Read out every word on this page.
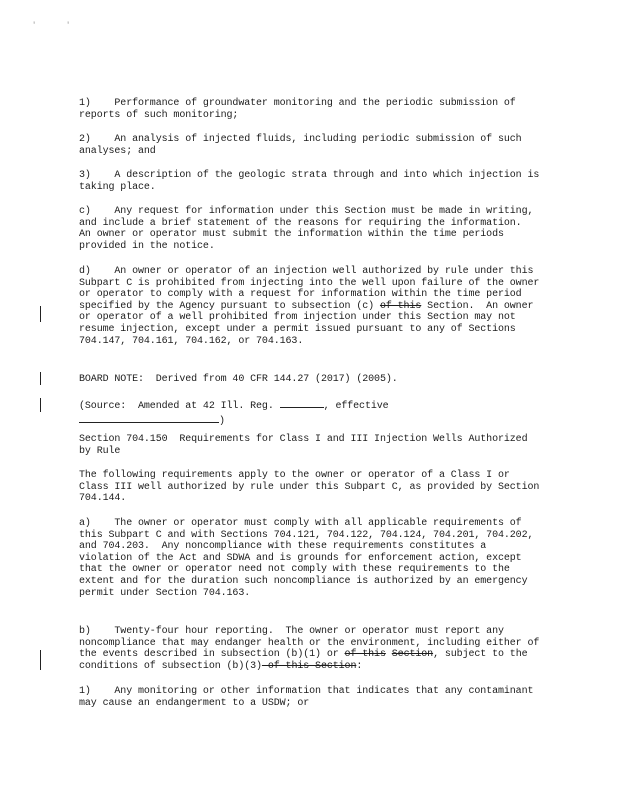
'	'

1)    Performance of groundwater monitoring and the periodic submission of reports of such monitoring;

2)    An analysis of injected fluids, including periodic submission of such analyses; and

3)    A description of the geologic strata through and into which injection is taking place.

c)    Any request for information under this Section must be made in writing, and include a brief statement of the reasons for requiring the information.  An owner or operator must submit the information within the time periods provided in the notice.

d)    An owner or operator of an injection well authorized by rule under this Subpart C is prohibited from injecting into the well upon failure of the owner or operator to comply with a request for information within the time period specified by the Agency pursuant to subsection (c) of this Section.  An owner or operator of a well prohibited from injection under this Section may not resume injection, except under a permit issued pursuant to any of Sections 704.147, 704.161, 704.162, or 704.163.

BOARD NOTE:  Derived from 40 CFR 144.27 (2017) (2005).

(Source:  Amended at 42 Ill. Reg.	, effective
)

Section 704.150  Requirements for Class I and III Injection Wells Authorized by Rule

The following requirements apply to the owner or operator of a Class I or Class III well authorized by rule under this Subpart C, as provided by Section 704.144.

a)    The owner or operator must comply with all applicable requirements of this Subpart C and with Sections 704.121, 704.122, 704.124, 704.201, 704.202, and 704.203.  Any noncompliance with these requirements constitutes a violation of the Act and SDWA and is grounds for enforcement action, except that the owner or operator need not comply with these requirements to the extent and for the duration such noncompliance is authorized by an emergency permit under Section 704.163.

b)    Twenty-four hour reporting.  The owner or operator must report any noncompliance that may endanger health or the environment, including either of the events described in subsection (b)(1) or of this Section, subject to the conditions of subsection (b)(3) of this Section:

1)    Any monitoring or other information that indicates that any contaminant may cause an endangerment to a USDW; or
